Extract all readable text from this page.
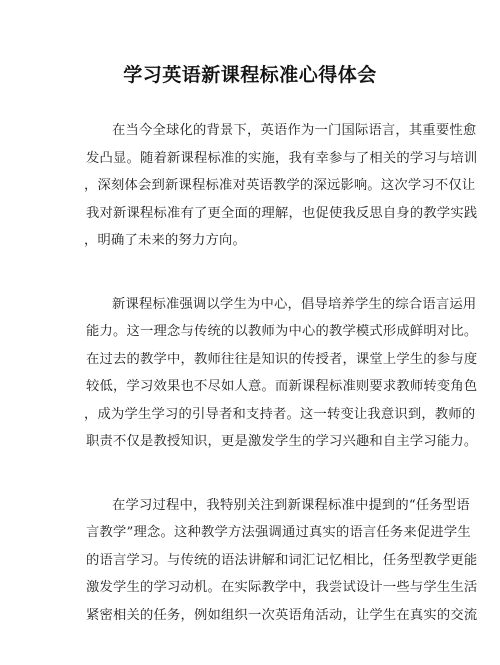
学习英语新课程标准心得体会
在当今全球化的背景下，英语作为一门国际语言，其重要性愈
发凸显。随着新课程标准的实施，我有幸参与了相关的学习与培训
，深刻体会到新课程标准对英语教学的深远影响。这次学习不仅让
我对新课程标准有了更全面的理解，也促使我反思自身的教学实践
，明确了未来的努力方向。
新课程标准强调以学生为中心，倡导培养学生的综合语言运用
能力。这一理念与传统的以教师为中心的教学模式形成鲜明对比。
在过去的教学中，教师往往是知识的传授者，课堂上学生的参与度
较低，学习效果也不尽如人意。而新课程标准则要求教师转变角色
，成为学生学习的引导者和支持者。这一转变让我意识到，教师的
职责不仅是教授知识，更是激发学生的学习兴趣和自主学习能力。
在学习过程中，我特别关注到新课程标准中提到的“任务型语
言教学”理念。这种教学方法强调通过真实的语言任务来促进学生
的语言学习。与传统的语法讲解和词汇记忆相比，任务型教学更能
激发学生的学习动机。在实际教学中，我尝试设计一些与学生生活
紧密相关的任务，例如组织一次英语角活动，让学生在真实的交流
